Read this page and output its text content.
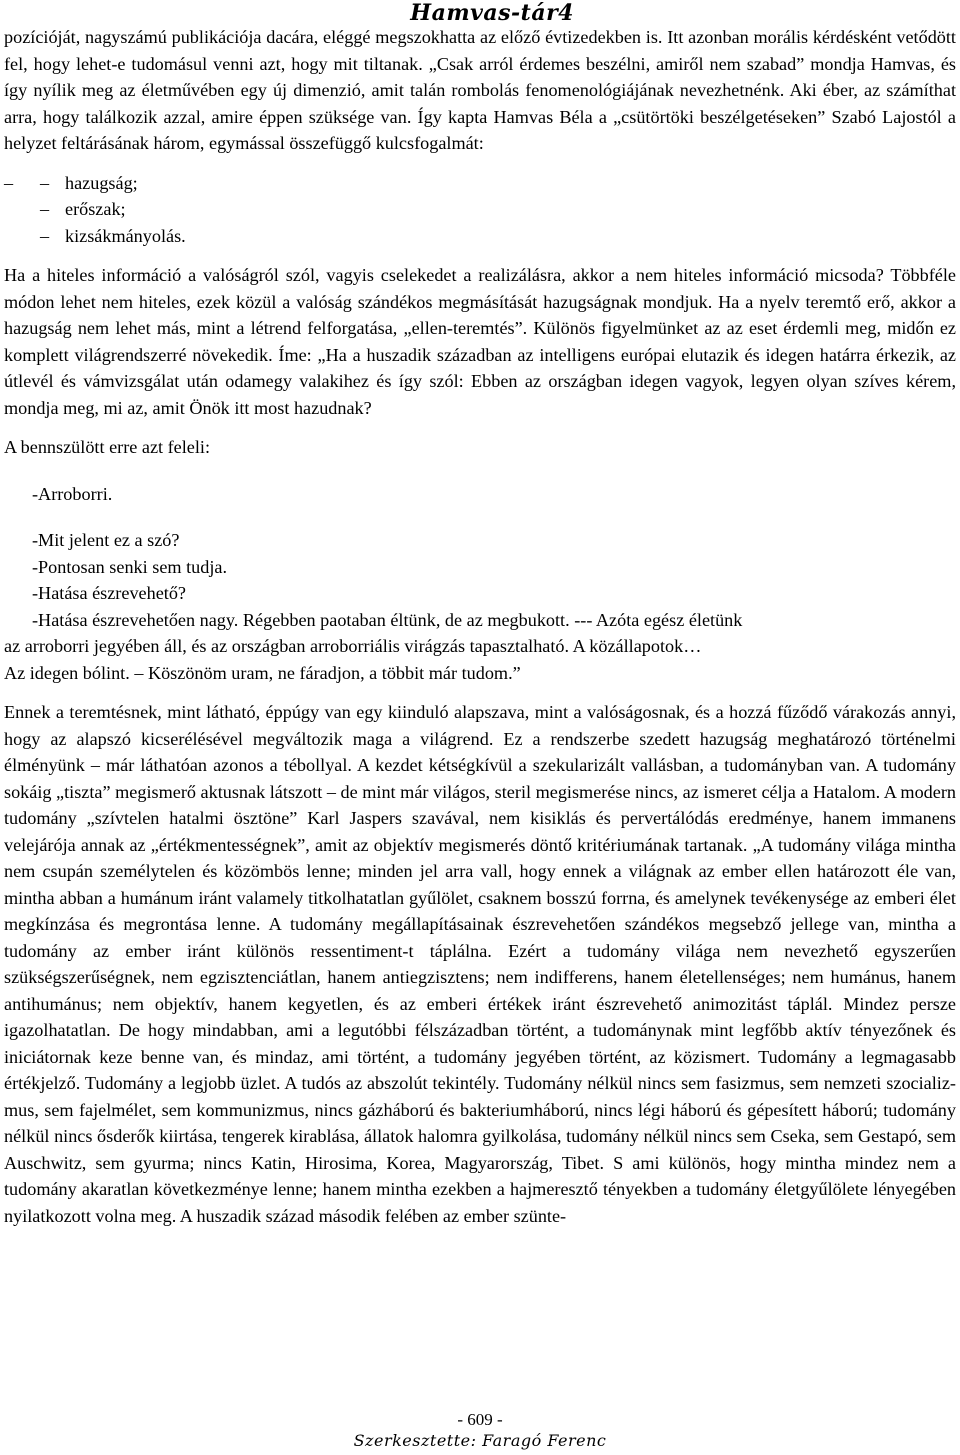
Hamvas-tár4

pozícióját, nagyszámú publikációja dacára, eléggé megszokhatta az előző évtizedekben is. Itt azonban morális kérdésként vetődött fel, hogy lehet-e tudomásul venni azt, hogy mit tiltanak. „Csak arról érdemes beszélni, amiről nem szabad” mondja Hamvas, és így nyílik meg az életművében egy új dimenzió, amit talán rombolás fenomenológiájának nevezhetnénk. Aki éber, az számíthat arra, hogy találkozik azzal, amire éppen szüksége van. Így kapta Hamvas Béla a „csütörtöki beszélgetéseken” Szabó Lajostól a helyzet feltárásának három, egymással összefüggő kulcsfogalmát:

– – hazugság;
– erőszak;
– kizsákmányolás.

Ha a hiteles információ a valóságról szól, vagyis cselekedet a realizálásra, akkor a nem hiteles információ micsoda? Többféle módon lehet nem hiteles, ezek közül a valóság szándékos megmásítását hazugságnak mondjuk. Ha a nyelv teremtő erő, akkor a hazugság nem lehet más, mint a létrend felforgatása, „ellen-teremtés”. Különös figyelmünket az az eset érdemli meg, midőn ez komplett világrendszerré növekedik. Íme: „Ha a huszadik században az intelligens európai elutazik és idegen határra érkezik, az útlevél és vámvizsgálat után odamegy valakihez és így szól: Ebben az országban idegen vagyok, legyen olyan szíves kérem, mondja meg, mi az, amit Önök itt most hazudnak?

A bennszülött erre azt feleli:

-Arroborri.

-Mit jelent ez a szó?

-Pontosan senki sem tudja.

-Hatása észrevehető?

-Hatása észrevehetően nagy. Régebben paotaban éltünk, de az megbukott. --- Azóta egész életünk

az arroborri jegyében áll, és az országban arroborriális virágzás tapasztalható. A közállapotok…

Az idegen bólint. – Köszönöm uram, ne fáradjon, a többit már tudom.”

Ennek a teremtésnek, mint látható, éppúgy van egy kiinduló alapszava, mint a valóságosnak, és a hozzá fűződő várakozás annyi, hogy az alapszó kicserélésével megváltozik maga a világrend. Ez a rendszerbe szedett hazugság meghatározó történelmi élményünk – már láthatóan azonos a tébollyal. A kezdet kétségkívül a szekularizált vallásban, a tudományban van. A tudomány sokáig „tiszta” megismerő aktusnak látszott – de mint már világos, steril megismerése nincs, az ismeret célja a Hatalom. A modern tudomány „szívtelen hatalmi ösztöne” Karl Jaspers szavával, nem kisiklás és pervertálódás eredménye, hanem immanens velejárója annak az „értékmentességnek”, amit az objektív megismerés döntő kritériumának tartanak. „A tudomány világa mintha nem csupán személytelen és közömbös lenne; minden jel arra vall, hogy ennek a világnak az ember ellen határozott éle van, mintha abban a humánum iránt valamely titkolhatatlan gyűlölet, csaknem bosszú forrna, és amelynek tevékenysége az emberi élet megkínzása és megrontása lenne. A tudomány megállapításainak észrevehetően szándékos megsebző jellege van, mintha a tudomány az ember iránt különös ressentiment-t táplálna. Ezért a tudomány világa nem nevezhető egyszerűen szükségszerűségnek, nem egzisztenciátlan, hanem antiegzisztens; nem indifferens, hanem életellenséges; nem humánus, hanem antihumánus; nem objektív, hanem kegyetlen, és az emberi értékek iránt észrevehető animozitást táplál. Mindez persze igazolhatatlan. De hogy mindabban, ami a legutóbbi félszázadban történt, a tudománynak mint legfőbb aktív tényezőnek és iniciátornak keze benne van, és mindaz, ami történt, a tudomány jegyében történt, az közismert. Tudomány a legmagasabb értékjelző. Tudomány a legjobb üzlet. A tudós az abszolút tekintély. Tudomány nélkül nincs sem fasizmus, sem nemzeti szocializ- mus, sem fajelmélet, sem kommunizmus, nincs gázháború és bakteriumháború, nincs légi háború és gépesített háború; tudomány nélkül nincs ősderők kiirtása, tengerek kirablása, állatok halomra gyilkolása, tudomány nélkül nincs sem Cseka, sem Gestapó, sem Auschwitz, sem gyurma; nincs Katin, Hirosima, Korea, Magyarország, Tibet. S ami különös, hogy mintha mindez nem a tudomány akaratlan következménye lenne; hanem mintha ezekben a hajmeresztő tényekben a tudomány életgyűlölete lényegében nyilatkozott volna meg. A huszadik század második felében az ember szünte-

- 609 -
Szerkesztette: Faragó Ferenc
